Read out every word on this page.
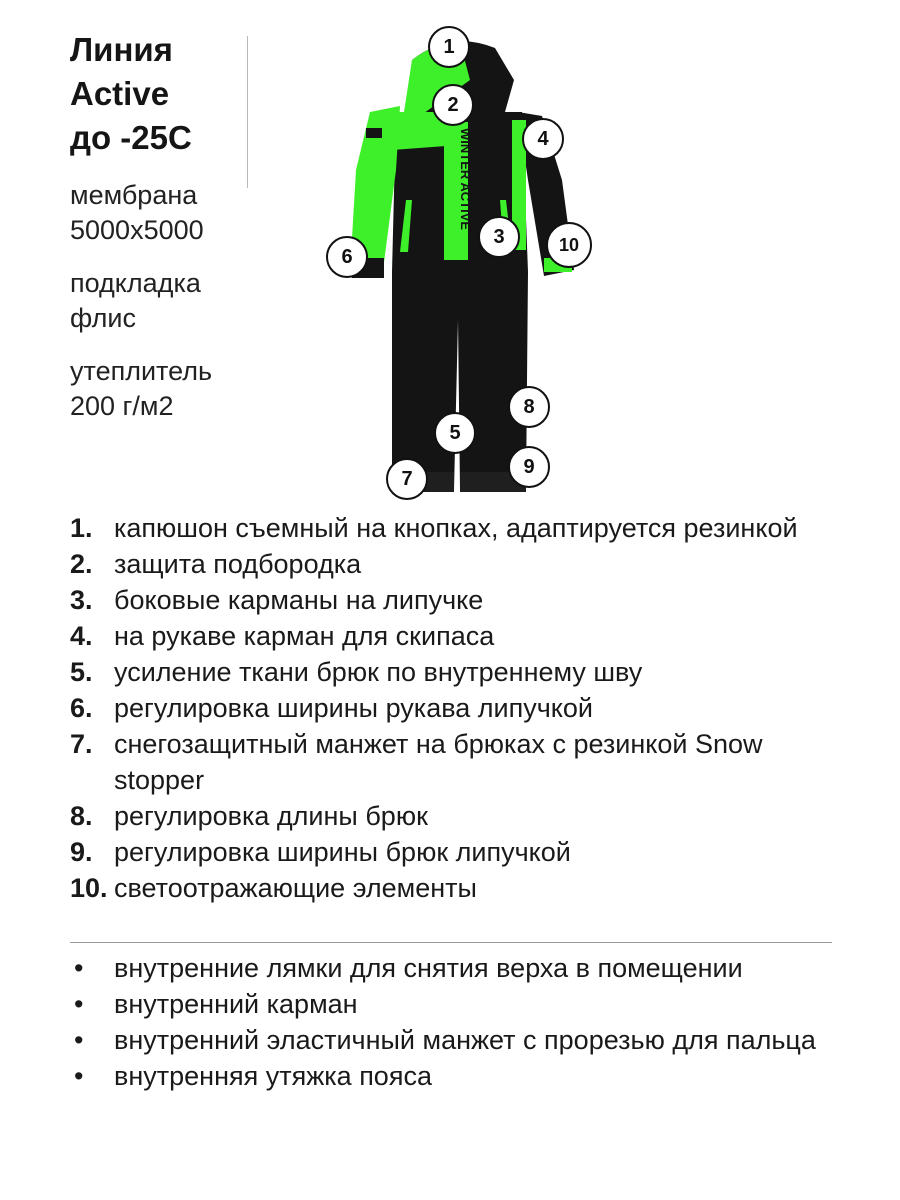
Линия
Active
до -25С
мембрана
5000х5000
подкладка
флис
утеплитель
200 г/м2
WINTER ACTIVE
1
2
3
4
5
6
7
8
9
10
1. капюшон съемный на кнопках, адаптируется резинкой
2. защита подбородка
3. боковые карманы на липучке
4. на рукаве карман для скипаса
5. усиление ткани брюк по внутреннему шву
6. регулировка ширины рукава липучкой
7. снегозащитный манжет на брюках с резинкой Snow stopper
8. регулировка длины брюк
9. регулировка ширины брюк липучкой
10. светоотражающие элементы
•	внутренние лямки для снятия верха в помещении
•	внутренний карман
•	внутренний эластичный манжет с прорезью для пальца
•	внутренняя утяжка пояса
